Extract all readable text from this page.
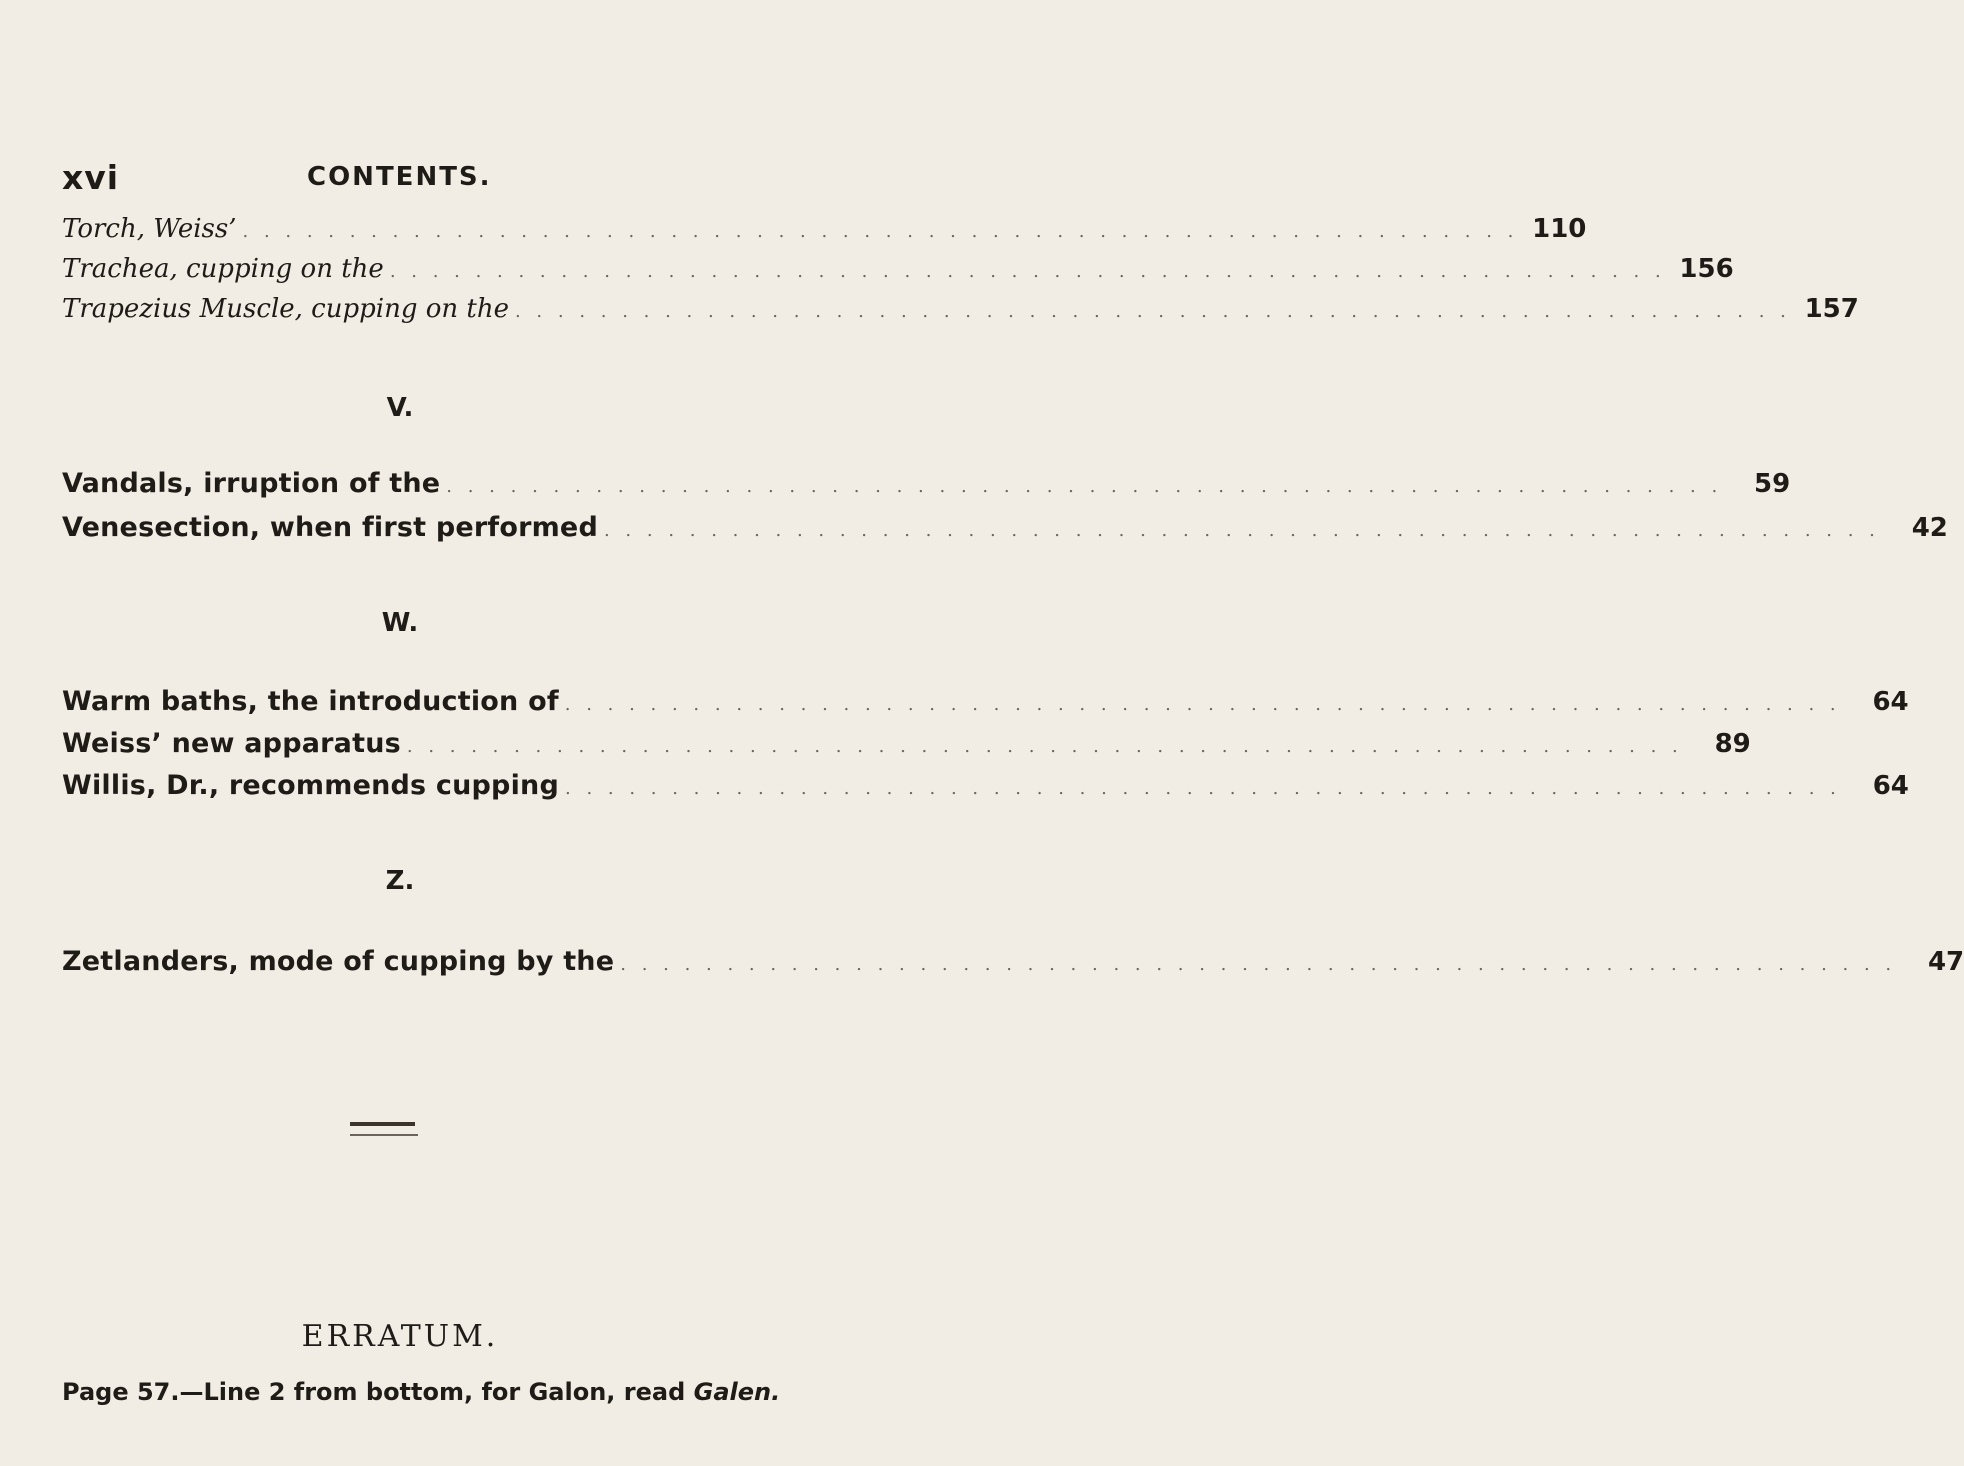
xvi	CONTENTS.
Torch, Weiss’ . . . . . . . . . . . . . . . . . . . . . . . . . . . . . . . . . . . . . . . . . . . . . . . . . . . . . . . . . . . . 110
Trachea, cupping on the . . . . . . . . . . . . . . . . . . . . . . . . . . . . . . . . . . . . . . . . . . . . . . . . . . . . . . . . . . . . 156
Trapezius Muscle, cupping on the . . . . . . . . . . . . . . . . . . . . . . . . . . . . . . . . . . . . . . . . . . . . . . . . . . . . . . . . . . . . 157
V.
Vandals, irruption of the . . . . . . . . . . . . . . . . . . . . . . . . . . . . . . . . . . . . . . . . . . . . . . . . . . . . . . . . . . . .	59
Venesection, when first performed . . . . . . . . . . . . . . . . . . . . . . . . . . . . . . . . . . . . . . . . . . . . . . . . . . . . . . . . . . . .	42
W.
Warm baths, the introduction of . . . . . . . . . . . . . . . . . . . . . . . . . . . . . . . . . . . . . . . . . . . . . . . . . . . . . . . . . . . .	64
Weiss’ new apparatus . . . . . . . . . . . . . . . . . . . . . . . . . . . . . . . . . . . . . . . . . . . . . . . . . . . . . . . . . . . .	89
Willis, Dr., recommends cupping . . . . . . . . . . . . . . . . . . . . . . . . . . . . . . . . . . . . . . . . . . . . . . . . . . . . . . . . . . . .	64
Z.
Zetlanders, mode of cupping by the . . . . . . . . . . . . . . . . . . . . . . . . . . . . . . . . . . . . . . . . . . . . . . . . . . . . . . . . . . . .	47
ERRATUM.
Page 57.—Line 2 from bottom, for Galon, read Galen.
